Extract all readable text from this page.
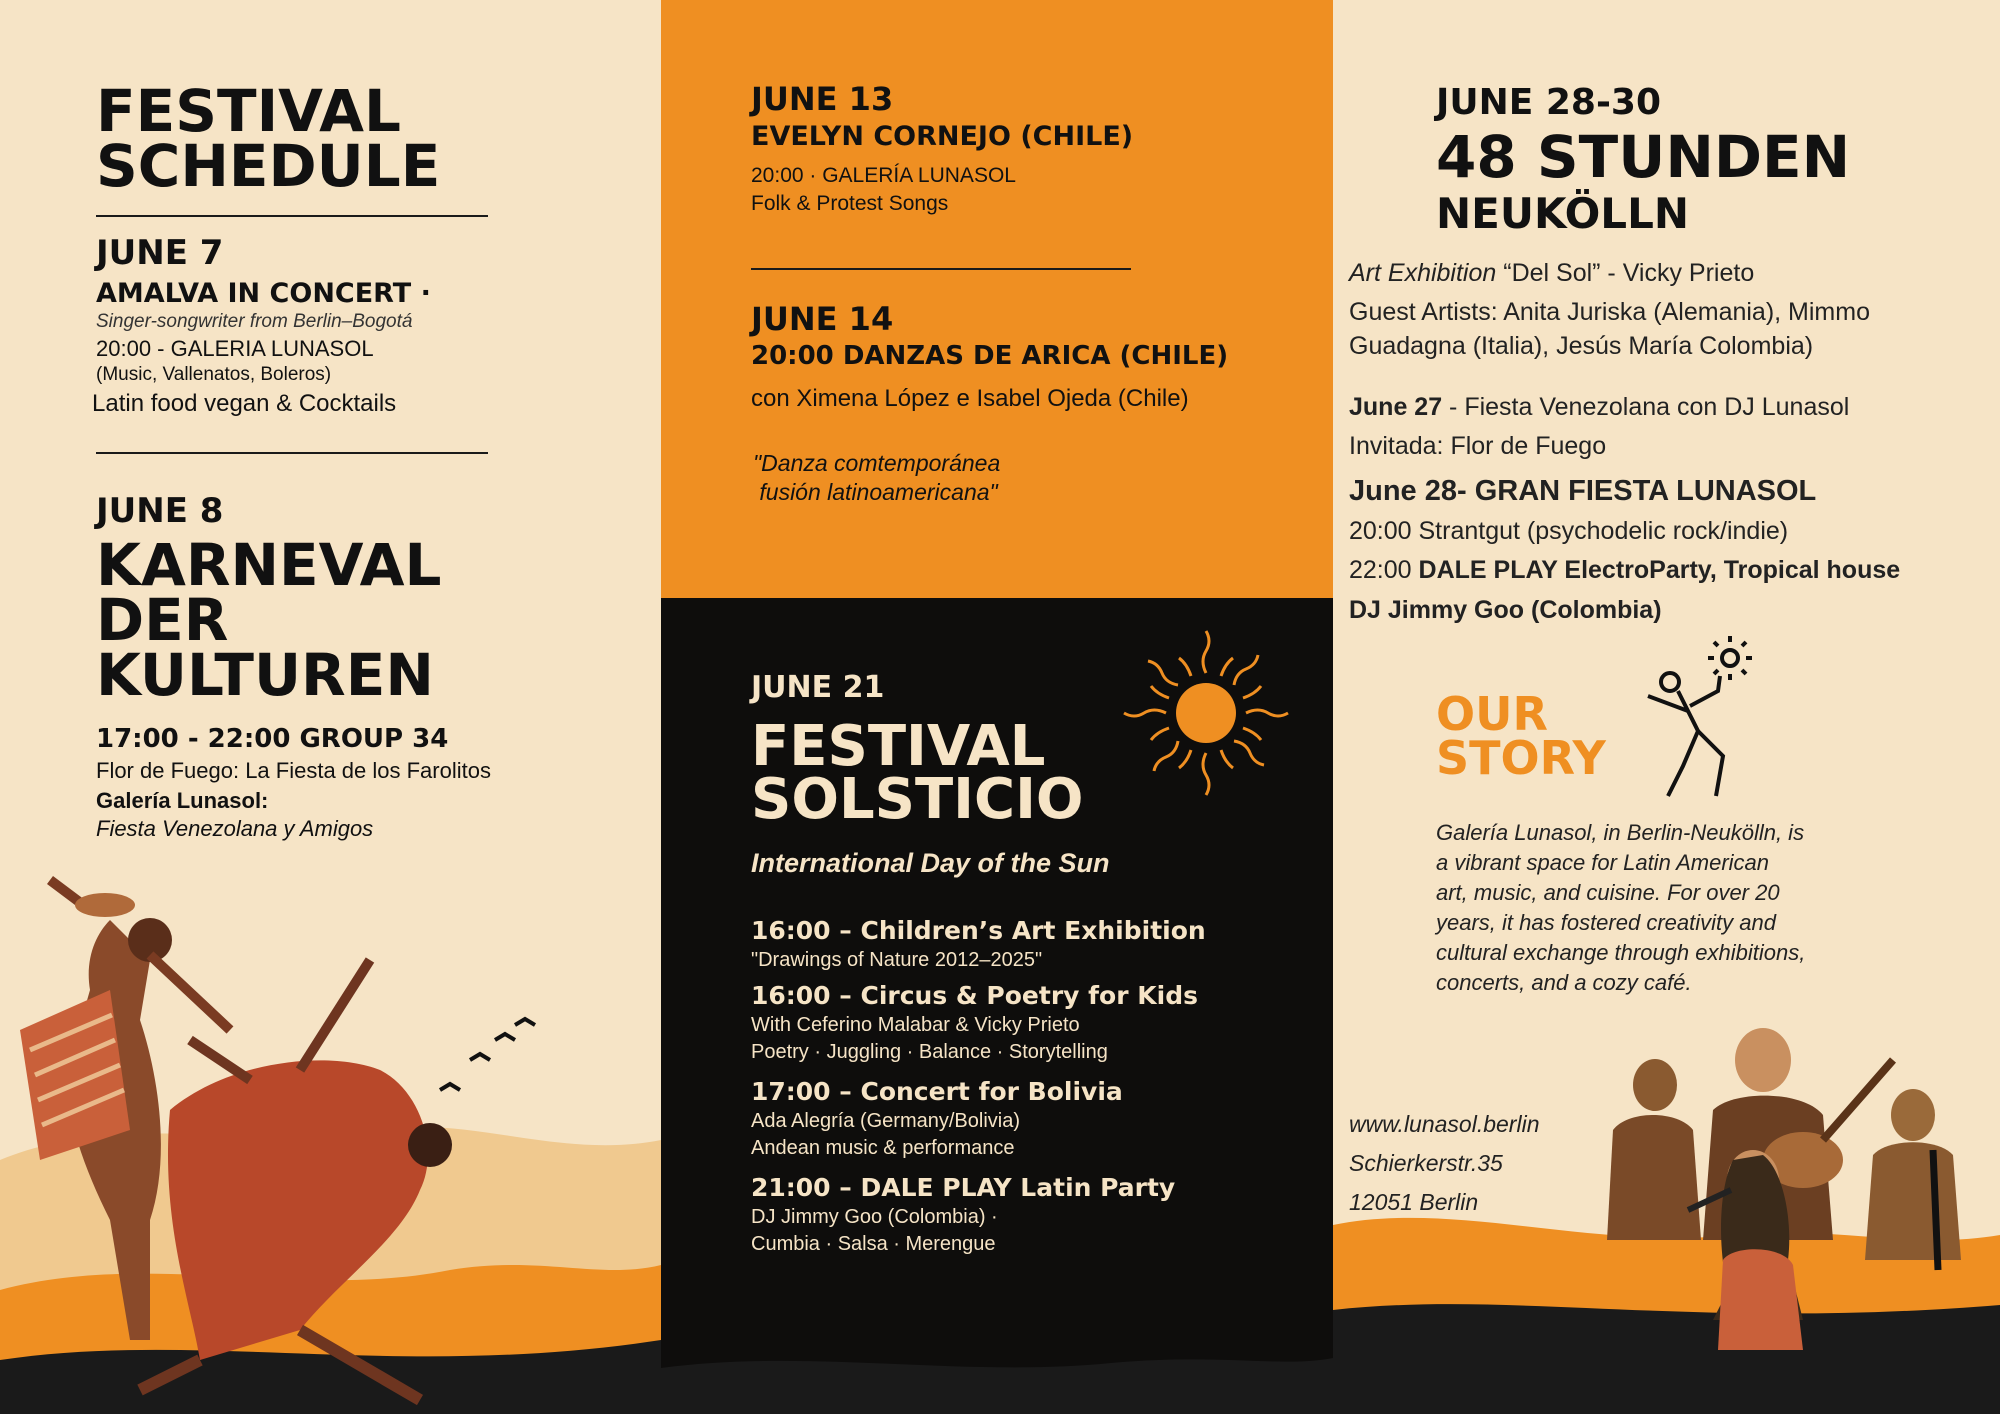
FESTIVAL
SCHEDULE
JUNE 7
AMALVA IN CONCERT ·
Singer-songwriter from Berlin–Bogotá
20:00 - GALERIA LUNASOL
(Music, Vallenatos, Boleros)
Latin food vegan & Cocktails
JUNE 8
KARNEVAL
DER
KULTUREN
17:00 - 22:00 GROUP 34
Flor de Fuego: La Fiesta de los Farolitos
Galería Lunasol:
Fiesta Venezolana y Amigos
JUNE 13
EVELYN CORNEJO (CHILE)
20:00 · GALERÍA LUNASOL
Folk & Protest Songs
JUNE 14
20:00 DANZAS DE ARICA (CHILE)
con Ximena López e Isabel Ojeda (Chile)
"Danza comtemporánea
fusión latinoamericana"
JUNE 21
FESTIVAL
SOLSTICIO
International Day of the Sun
16:00 – Children’s Art Exhibition
"Drawings of Nature 2012–2025"
16:00 – Circus & Poetry for Kids
With Ceferino Malabar & Vicky Prieto
Poetry · Juggling · Balance · Storytelling
17:00 – Concert for Bolivia
Ada Alegría (Germany/Bolivia)
Andean music & performance
21:00 – DALE PLAY Latin Party
DJ Jimmy Goo (Colombia) ·
Cumbia · Salsa · Merengue
JUNE 28-30
48 STUNDEN
NEUKÖLLN
Art Exhibition “Del Sol” - Vicky Prieto
Guest Artists: Anita Juriska (Alemania), Mimmo Guadagna (Italia), Jesús María Colombia)
June 27 - Fiesta Venezolana con DJ Lunasol
Invitada: Flor de Fuego
June 28- GRAN FIESTA LUNASOL
20:00 Strantgut (psychodelic rock/indie)
22:00 DALE PLAY ElectroParty, Tropical house
DJ Jimmy Goo (Colombia)
OUR
STORY
Galería Lunasol, in Berlin-Neukölln, is a vibrant space for Latin American art, music, and cuisine. For over 20 years, it has fostered creativity and cultural exchange through exhibitions, concerts, and a cozy café.
www.lunasol.berlin
Schierkerstr.35
12051 Berlin
